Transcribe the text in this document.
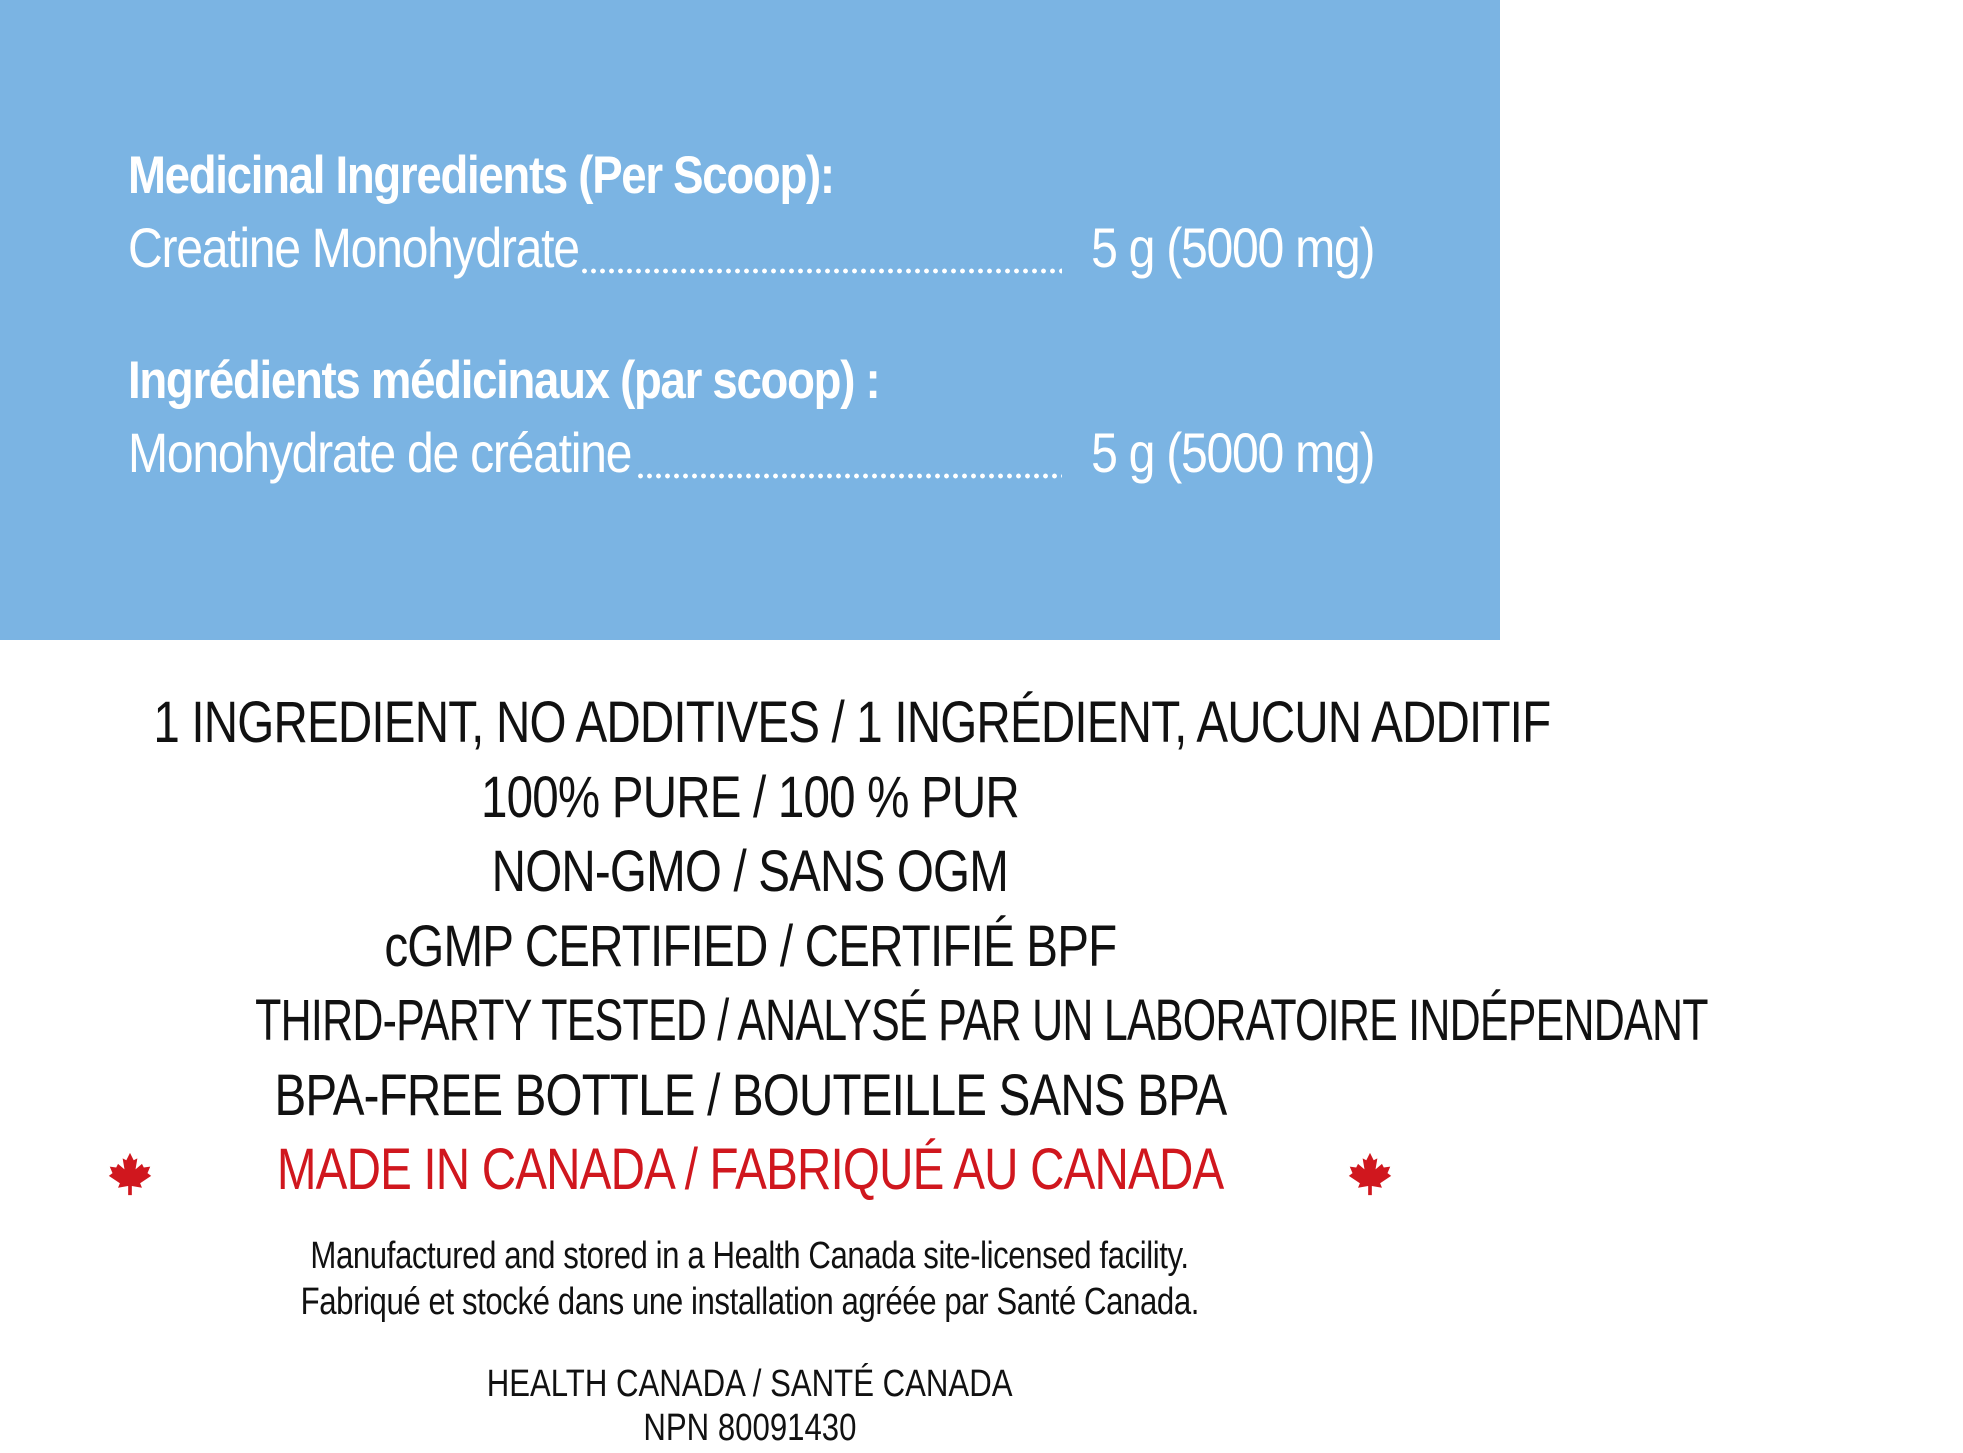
Medicinal Ingredients (Per Scoop):
Creatine Monohydrate	5 g (5000 mg)
Ingrédients médicinaux (par scoop) :
Monohydrate de créatine	5 g (5000 mg)
1 INGREDIENT, NO ADDITIVES / 1 INGRÉDIENT, AUCUN ADDITIF
100% PURE / 100 % PUR
NON-GMO / SANS OGM
cGMP CERTIFIED / CERTIFIÉ BPF
THIRD-PARTY TESTED / ANALYSÉ PAR UN LABORATOIRE INDÉPENDANT
BPA-FREE BOTTLE / BOUTEILLE SANS BPA
MADE IN CANADA / FABRIQUÉ AU CANADA
Manufactured and stored in a Health Canada site-licensed facility.
Fabriqué et stocké dans une installation agréée par Santé Canada.
HEALTH CANADA / SANTÉ CANADA
NPN 80091430
